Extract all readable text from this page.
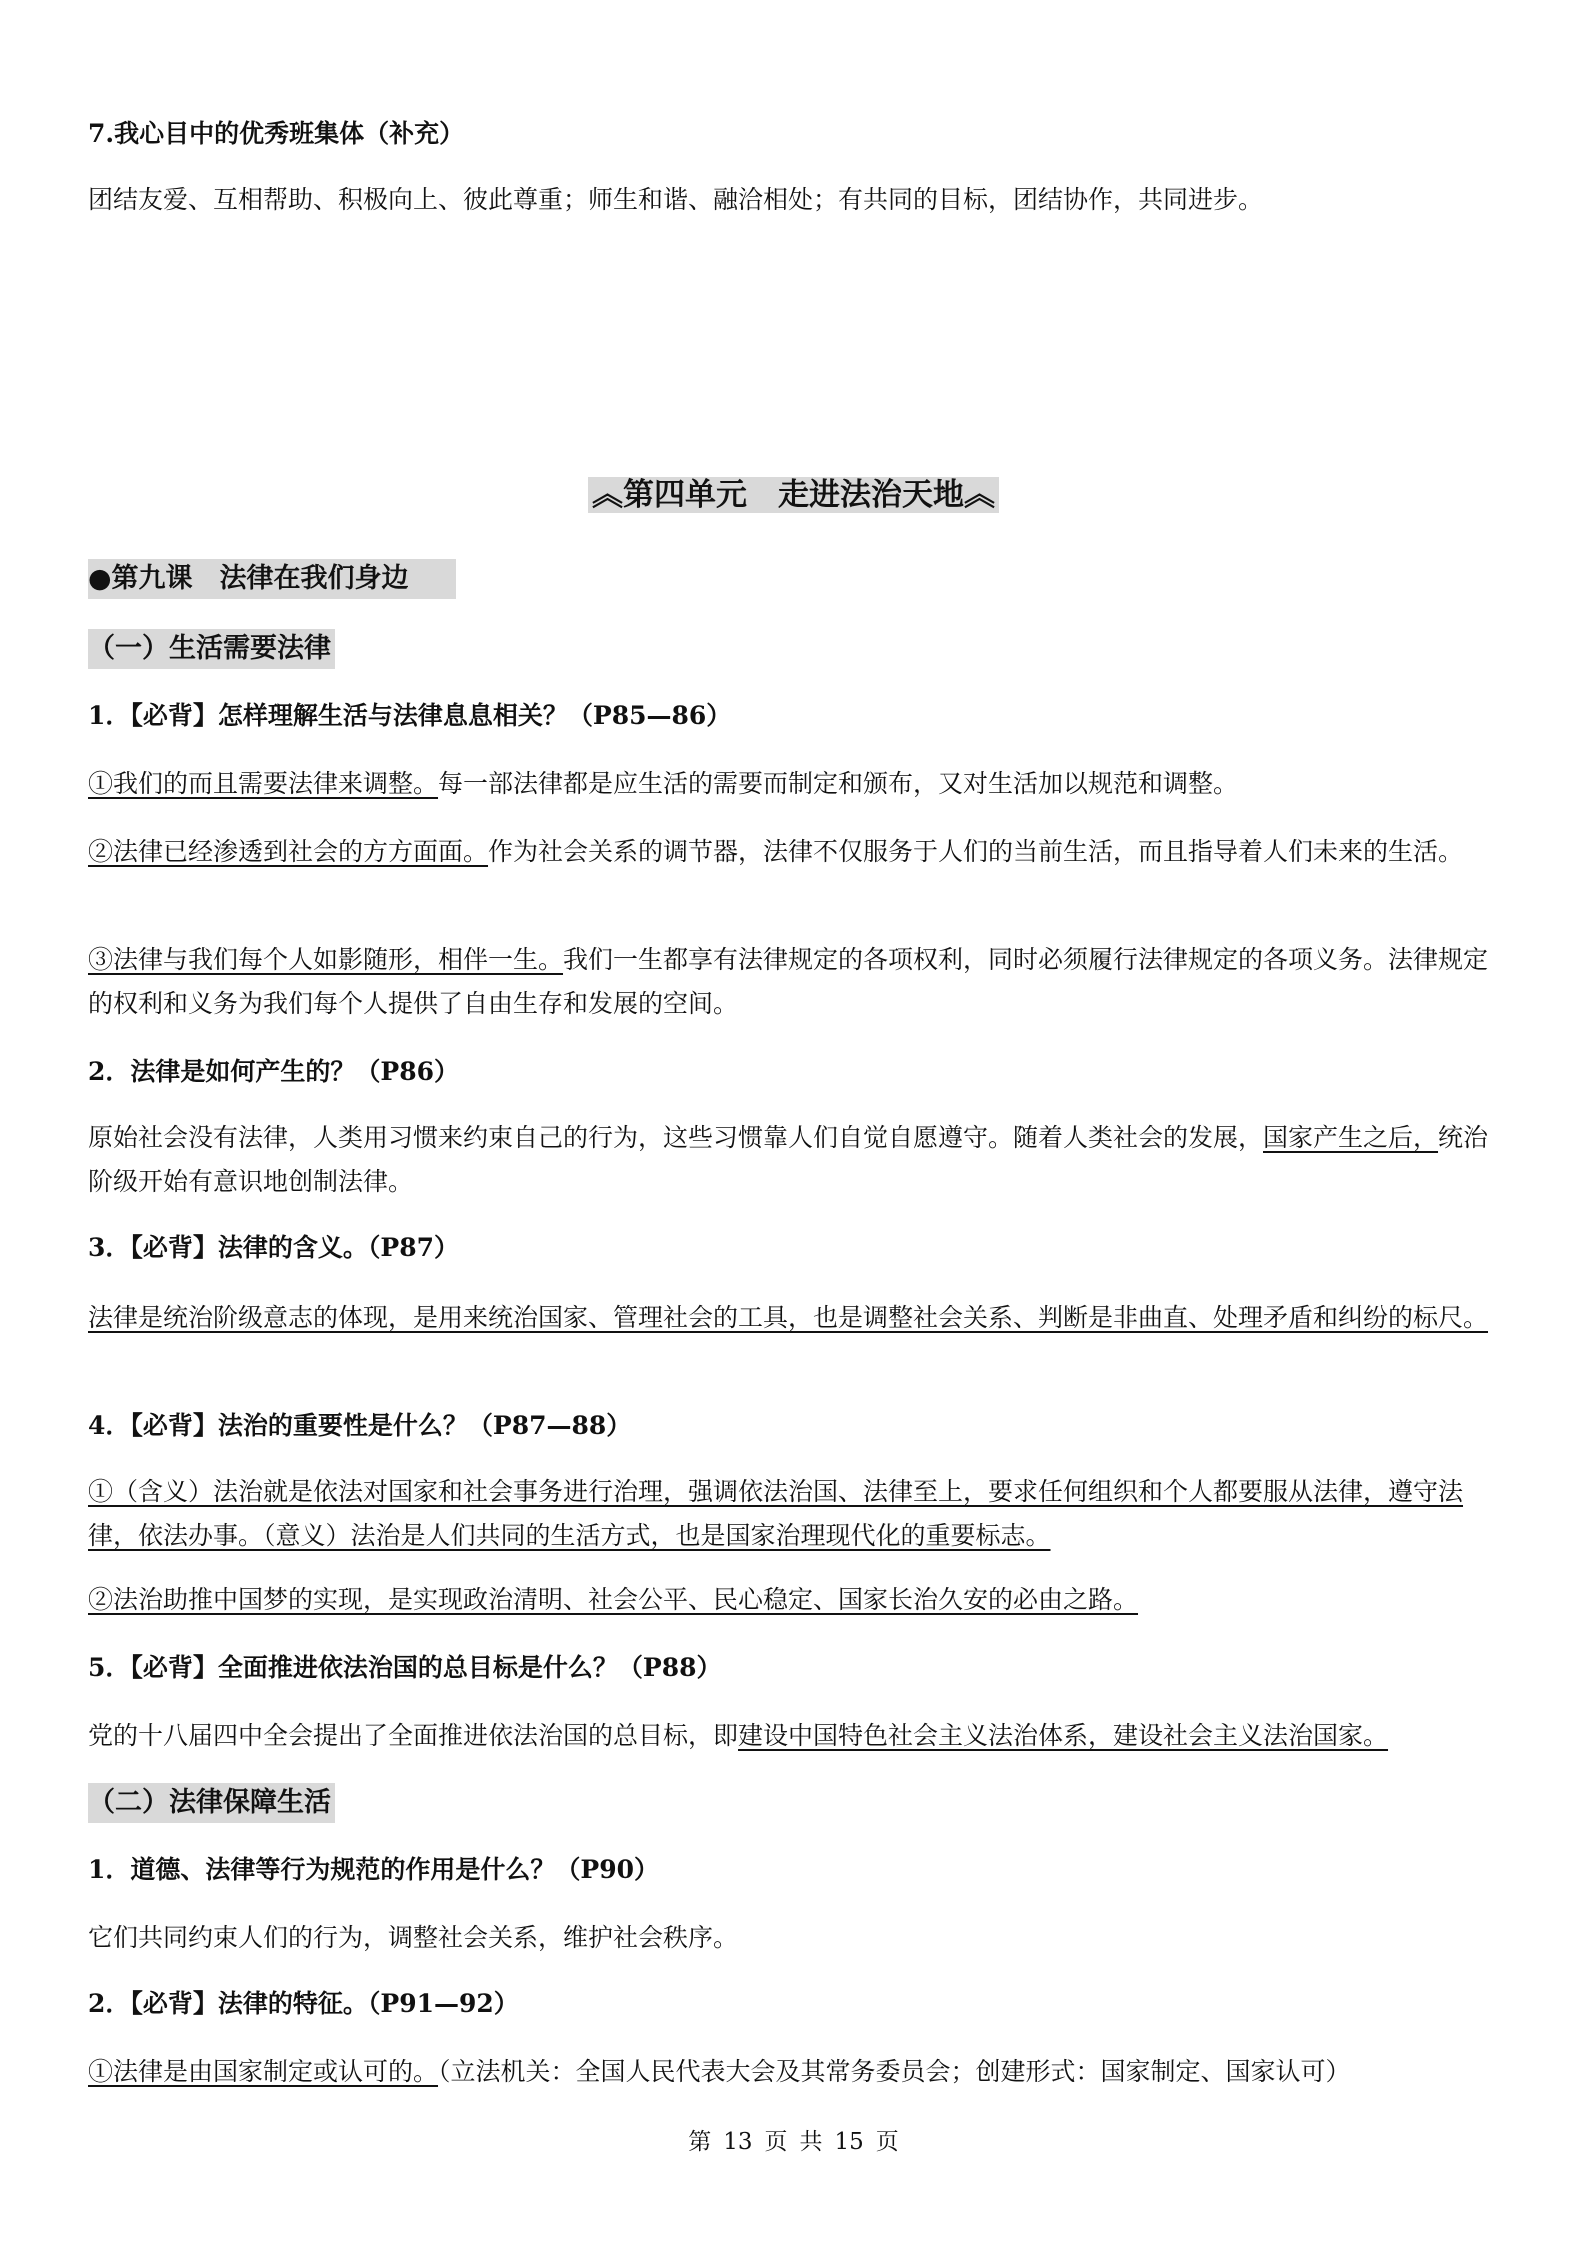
7.我心目中的优秀班集体（补充）

团结友爱、互相帮助、积极向上、彼此尊重；师生和谐、融洽相处；有共同的目标，团结协作，共同进步。

︽第四单元　走进法治天地︽
●第九课　法律在我们身边
（一）生活需要法律

1．【必背】怎样理解生活与法律息息相关？（P85—86）

①我们的而且需要法律来调整。每一部法律都是应生活的需要而制定和颁布，又对生活加以规范和调整。

②法律已经渗透到社会的方方面面。作为社会关系的调节器，法律不仅服务于人们的当前生活，而且指导着人们未来的生活。

③法律与我们每个人如影随形，相伴一生。我们一生都享有法律规定的各项权利，同时必须履行法律规定的各项义务。法律规定的权利和义务为我们每个人提供了自由生存和发展的空间。

2．法律是如何产生的？（P86）

原始社会没有法律，人类用习惯来约束自己的行为，这些习惯靠人们自觉自愿遵守。随着人类社会的发展，国家产生之后，统治阶级开始有意识地创制法律。

3．【必背】法律的含义。（P87）

法律是统治阶级意志的体现，是用来统治国家、管理社会的工具，也是调整社会关系、判断是非曲直、处理矛盾和纠纷的标尺。

4．【必背】法治的重要性是什么？（P87—88）

①（含义）法治就是依法对国家和社会事务进行治理，强调依法治国、法律至上，要求任何组织和个人都要服从法律，遵守法律，依法办事。（意义）法治是人们共同的生活方式，也是国家治理现代化的重要标志。

②法治助推中国梦的实现，是实现政治清明、社会公平、民心稳定、国家长治久安的必由之路。

5．【必背】全面推进依法治国的总目标是什么？（P88）

党的十八届四中全会提出了全面推进依法治国的总目标，即建设中国特色社会主义法治体系，建设社会主义法治国家。

（二）法律保障生活

1．道德、法律等行为规范的作用是什么？（P90）

它们共同约束人们的行为，调整社会关系，维护社会秩序。

2．【必背】法律的特征。（P91—92）

①法律是由国家制定或认可的。（立法机关：全国人民代表大会及其常务委员会；创建形式：国家制定、国家认可）

第 13 页 共 15 页
